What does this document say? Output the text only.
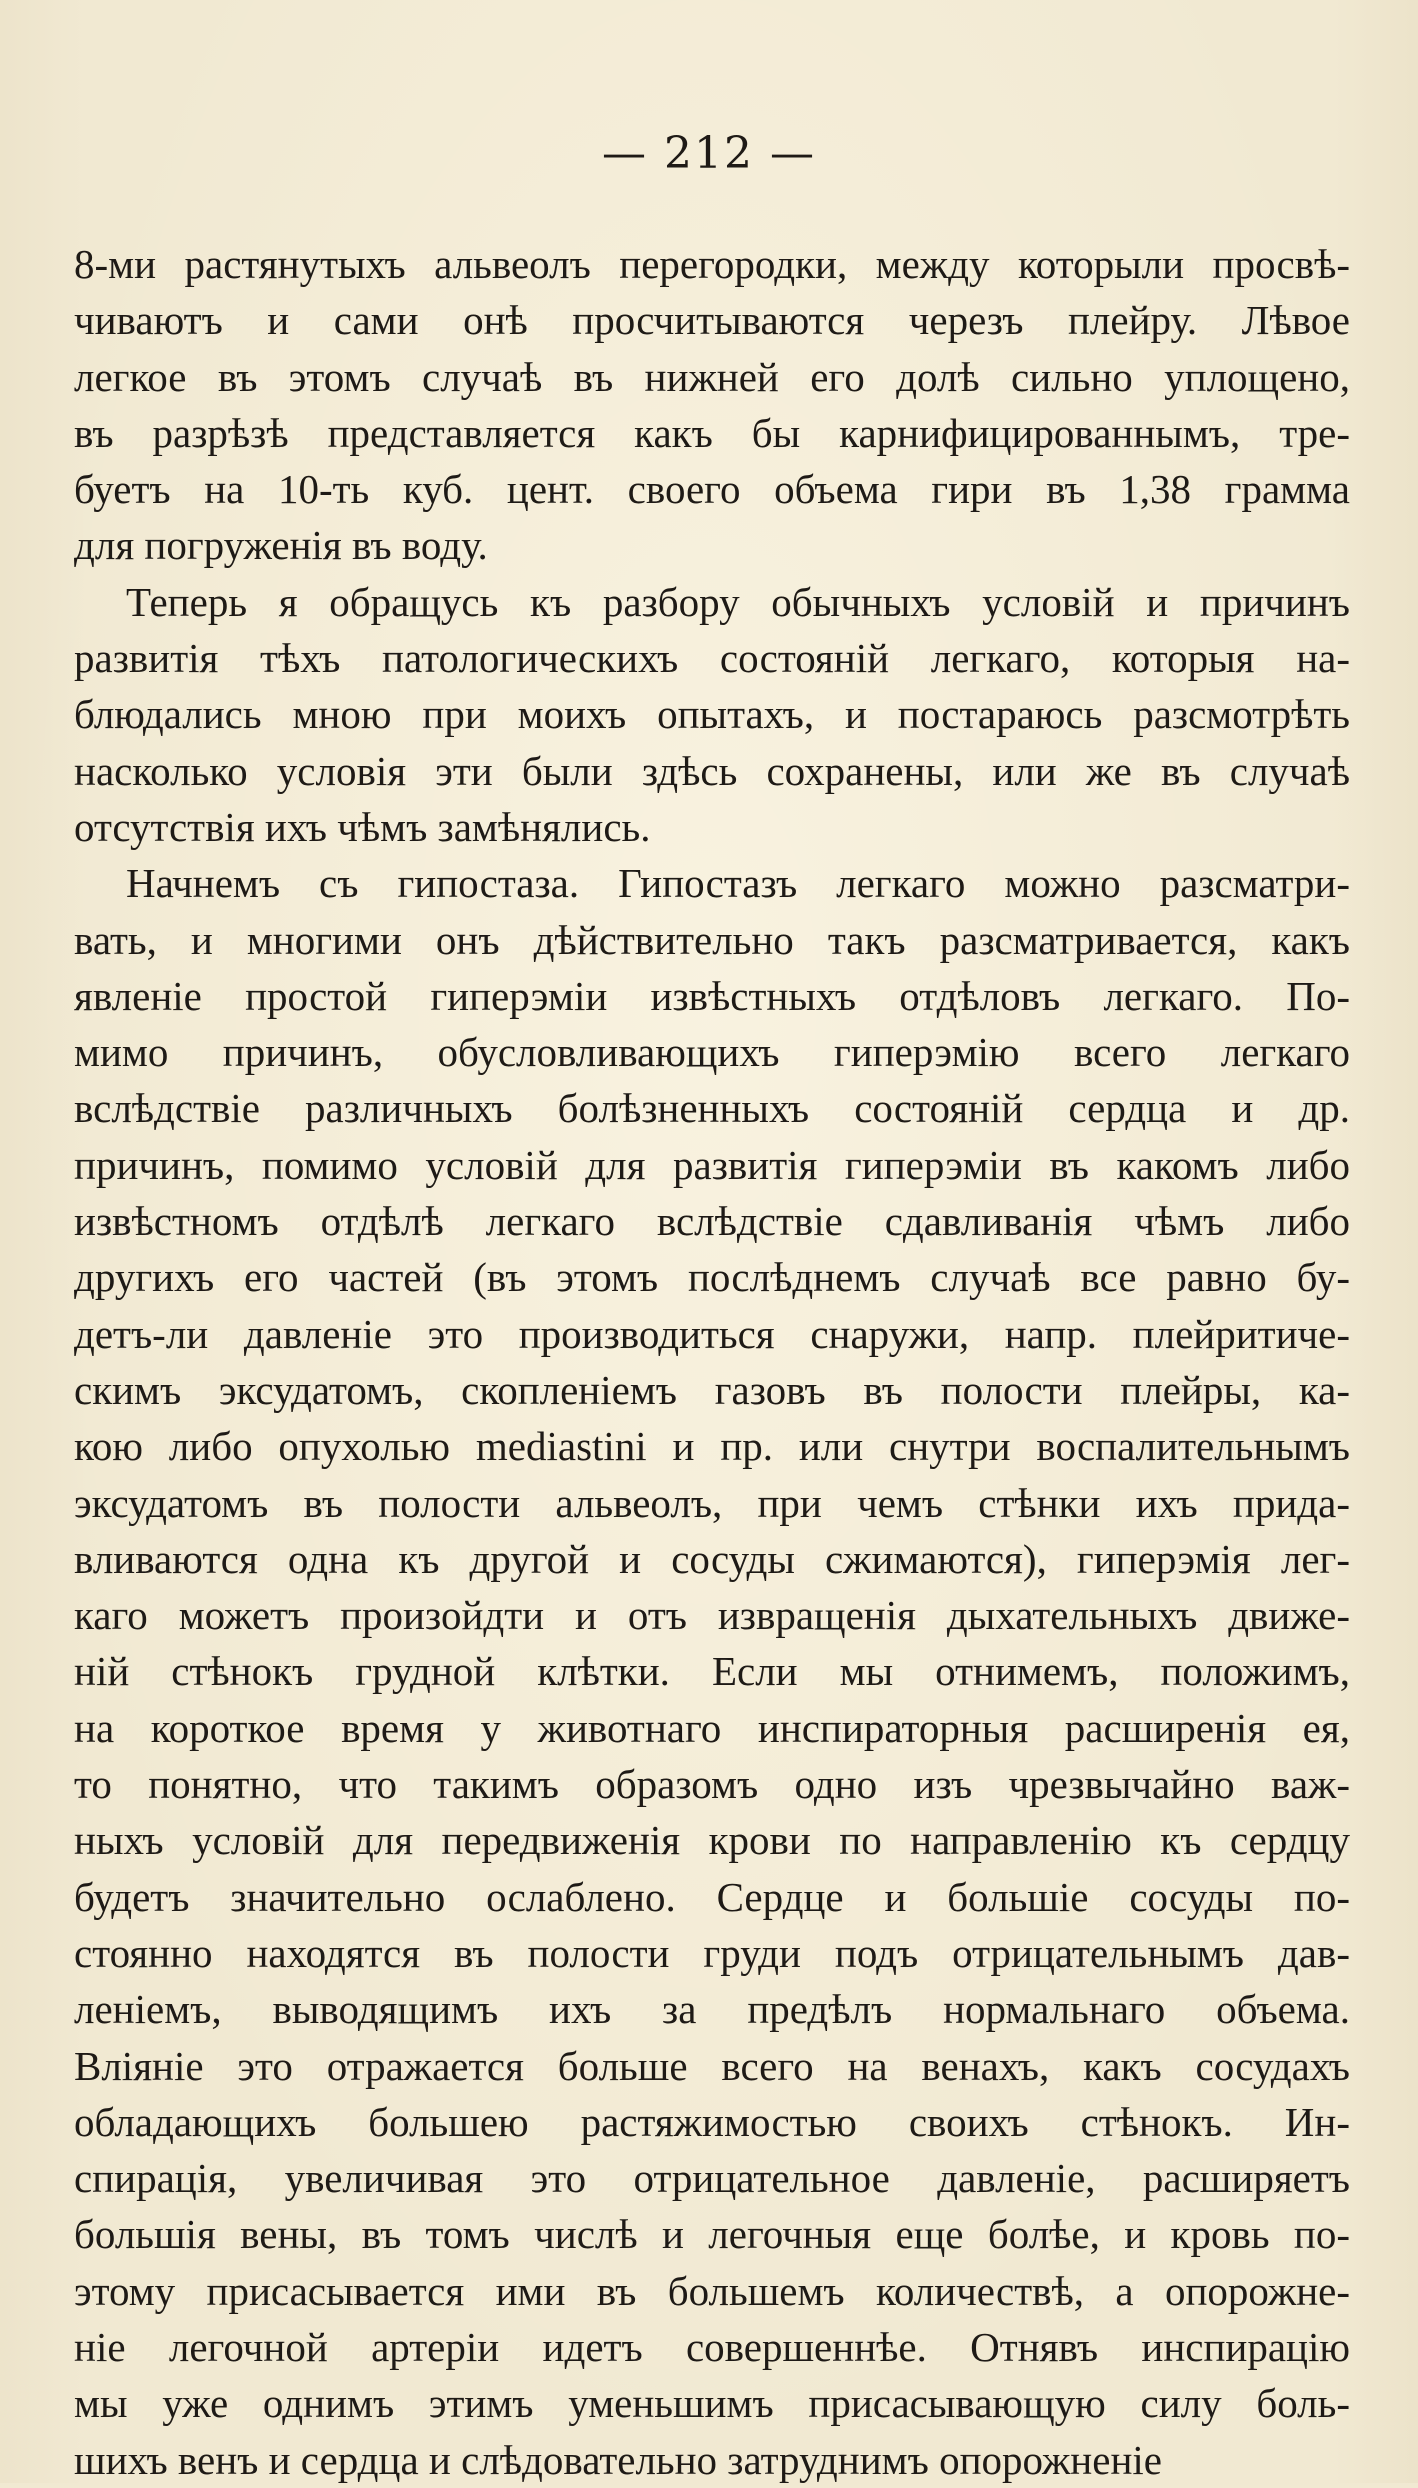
— 212 —
8-ми растянутыхъ альвеолъ перегородки, между которыли просвѣ-
чиваютъ и сами онѣ просчитываются черезъ плейру. Лѣвое
легкое въ этомъ случаѣ въ нижней его долѣ сильно уплощено,
въ разрѣзѣ представляется какъ бы карнифицированнымъ, тре-
буетъ на 10-ть куб. цент. своего объема гири въ 1,38 грамма
для погруженія въ воду.
Теперь я обращусь къ разбору обычныхъ условій и причинъ
развитія тѣхъ патологическихъ состояній легкаго, которыя на-
блюдались мною при моихъ опытахъ, и постараюсь разсмотрѣть
насколько условія эти были здѣсь сохранены, или же въ случаѣ
отсутствія ихъ чѣмъ замѣнялись.
Начнемъ съ гипостаза. Гипостазъ легкаго можно разсматри-
вать, и многими онъ дѣйствительно такъ разсматривается, какъ
явленіе простой гиперэміи извѣстныхъ отдѣловъ легкаго. По-
мимо причинъ, обусловливающихъ гиперэмію всего легкаго
вслѣдствіе различныхъ болѣзненныхъ состояній сердца и др.
причинъ, помимо условій для развитія гиперэміи въ какомъ либо
извѣстномъ отдѣлѣ легкаго вслѣдствіе сдавливанія чѣмъ либо
другихъ его частей (въ этомъ послѣднемъ случаѣ все равно бу-
детъ-ли давленіе это производиться снаружи, напр. плейритиче-
скимъ эксудатомъ, скопленіемъ газовъ въ полости плейры, ка-
кою либо опухолью mediastini и пр. или снутри воспалительнымъ
эксудатомъ въ полости альвеолъ, при чемъ стѣнки ихъ прида-
вливаются одна къ другой и сосуды сжимаются), гиперэмія лег-
каго можетъ произойдти и отъ извращенія дыхательныхъ движе-
ній стѣнокъ грудной клѣтки. Если мы отнимемъ, положимъ,
на короткое время у животнаго инспираторныя расширенія ея,
то понятно, что такимъ образомъ одно изъ чрезвычайно важ-
ныхъ условій для передвиженія крови по направленію къ сердцу
будетъ значительно ослаблено. Сердце и большіе сосуды по-
стоянно находятся въ полости груди подъ отрицательнымъ дав-
леніемъ, выводящимъ ихъ за предѣлъ нормальнаго объема.
Вліяніе это отражается больше всего на венахъ, какъ сосудахъ
обладающихъ большею растяжимостью своихъ стѣнокъ. Ин-
спирація, увеличивая это отрицательное давленіе, расширяетъ
большія вены, въ томъ числѣ и легочныя еще болѣе, и кровь по-
этому присасывается ими въ большемъ количествѣ, а опорожне-
ніе легочной артеріи идетъ совершеннѣе. Отнявъ инспирацію
мы уже однимъ этимъ уменьшимъ присасывающую силу боль-
шихъ венъ и сердца и слѣдовательно затруднимъ опорожненіе
